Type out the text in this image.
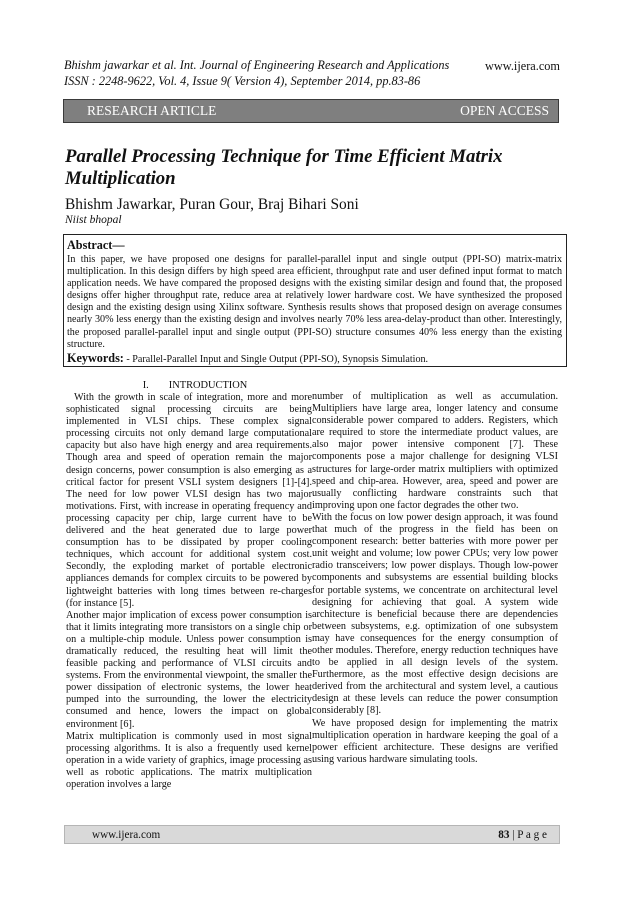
Bhishm jawarkar et al. Int. Journal of Engineering Research and Applications
ISSN : 2248-9622, Vol. 4, Issue 9( Version 4), September 2014, pp.83-86

www.ijera.com

RESEARCH ARTICLE	OPEN ACCESS
Parallel Processing Technique for Time Efficient Matrix Multiplication

Bhishm Jawarkar, Puran Gour, Braj Bihari Soni

Niist bhopal

Abstract—

In this paper, we have proposed one designs for parallel-parallel input and single output (PPI-SO) matrix-matrix multiplication. In this design differs by high speed area efficient, throughput rate and user defined input format to match application needs. We have compared the proposed designs with the existing similar design and found that, the proposed designs offer higher throughput rate, reduce area at relatively lower hardware cost. We have synthesized the proposed design and the existing design using Xilinx software. Synthesis results shows that proposed design on average consumes nearly 30% less energy than the existing design and involves nearly 70% less area-delay-product than other. Interestingly, the proposed parallel-parallel input and single output (PPI-SO) structure consumes 40% less energy than the existing structure.

Keywords: - Parallel-Parallel Input and Single Output (PPI-SO), Synopsis Simulation.

I. INTRODUCTION

With the growth in scale of integration, more and more sophisticated signal processing circuits are being implemented in VLSI chips. These complex signal processing circuits not only demand large computational capacity but also have high energy and area requirements. Though area and speed of operation remain the major design concerns, power consumption is also emerging as a critical factor for present VSLI system designers [1]-[4]. The need for low power VLSI design has two major motivations. First, with increase in operating frequency and processing capacity per chip, large current have to be delivered and the heat generated due to large power consumption has to be dissipated by proper cooling techniques, which account for additional system cost. Secondly, the exploding market of portable electronic appliances demands for complex circuits to be powered by lightweight batteries with long times between re-charges (for instance [5].

Another major implication of excess power consumption is that it limits integrating more transistors on a single chip or on a multiple-chip module. Unless power consumption is dramatically reduced, the resulting heat will limit the feasible packing and performance of VLSI circuits and systems. From the environmental viewpoint, the smaller the power dissipation of electronic systems, the lower heat pumped into the surrounding, the lower the electricity consumed and hence, lowers the impact on global environment [6].

Matrix multiplication is commonly used in most signal processing algorithms. It is also a frequently used kernel operation in a wide variety of graphics, image processing as well as robotic applications. The matrix multiplication operation involves a large

number of multiplication as well as accumulation. Multipliers have large area, longer latency and consume considerable power compared to adders. Registers, which are required to store the intermediate product values, are also major power intensive component [7]. These components pose a major challenge for designing VLSI structures for large-order matrix multipliers with optimized speed and chip-area. However, area, speed and power are usually conflicting hardware constraints such that improving upon one factor degrades the other two.

With the focus on low power design approach, it was found that much of the progress in the field has been on component research: better batteries with more power per unit weight and volume; low power CPUs; very low power radio transceivers; low power displays. Though low-power components and subsystems are essential building blocks for portable systems, we concentrate on architectural level designing for achieving that goal. A system wide architecture is beneficial because there are dependencies between subsystems, e.g. optimization of one subsystem may have consequences for the energy consumption of other modules. Therefore, energy reduction techniques have to be applied in all design levels of the system. Furthermore, as the most effective design decisions are derived from the architectural and system level, a cautious design at these levels can reduce the power consumption considerably [8].

We have proposed design for implementing the matrix multiplication operation in hardware keeping the goal of a power efficient architecture. These designs are verified using various hardware simulating tools.

www.ijera.com	83 | P a g e
